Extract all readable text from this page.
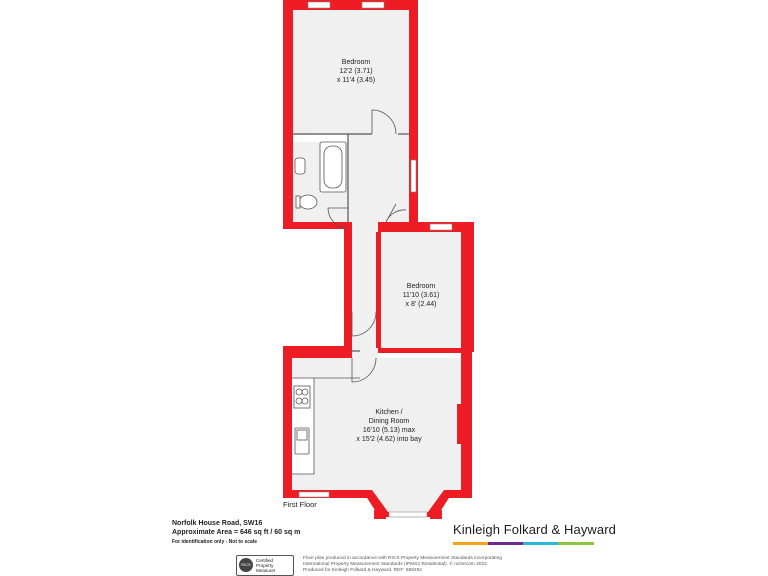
Bedroom
12'2 (3.71)
x 11'4 (3.45)
Bedroom
11'10 (3.61)
x 8' (2.44)
Kitchen /
Dining Room
16'10 (5.13) max
x 15'2 (4.62) into bay
First Floor
Norfolk House Road, SW16
Approximate Area = 646 sq ft / 60 sq m
For identification only - Not to scale
Kinleigh Folkard & Hayward
RICS
Certified
Property
Measurer
Floor plan produced in accordance with RICS Property Measurement Standards incorporating
International Property Measurement Standards (IPMS2 Residential). © nichecom 2022.
Produced for Kinleigh Folkard & Hayward. REF: 866292
